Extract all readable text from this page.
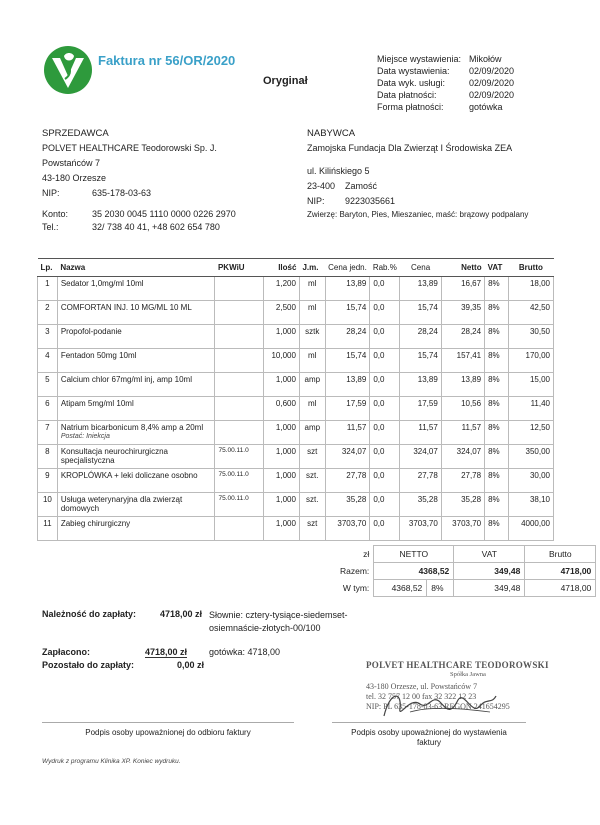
Faktura nr 56/OR/2020
Oryginał
Miejsce wystawienia: Mikołów
Data wystawienia:	02/09/2020
Data wyk. usługi:	02/09/2020
Data płatności:	02/09/2020
Forma płatności:	gotówka
SPRZEDAWCA
POLVET HEALTHCARE Teodorowski Sp. J.
Powstańców 7
43-180 Orzesze
NIP:	635-178-03-63
Konto:	35 2030 0045 1110 0000 0226 2970
Tel.:	32/ 738 40 41, +48 602 654 780
NABYWCA
Zamojska Fundacja Dla Zwierząt I Środowiska ZEA
ul. Kilińskiego 5
23-400 Zamość
NIP: 9223035661
Zwierzę: Baryton, Pies, Mieszaniec, maść: brązowy podpalany
Lp.	Nazwa	PKWiU	Ilość	J.m.	Cena jedn.	Rab.%	Cena	Netto	VAT	Brutto
1	Sedator 1,0mg/ml 10ml		1,200	ml	13,89	0,0	13,89	16,67	8%	18,00
2	COMFORTAN INJ. 10 MG/ML 10 ML		2,500	ml	15,74	0,0	15,74	39,35	8%	42,50
3	Propofol-podanie		1,000	sztk	28,24	0,0	28,24	28,24	8%	30,50
4	Fentadon 50mg 10ml		10,000	ml	15,74	0,0	15,74	157,41	8%	170,00
5	Calcium chlor 67mg/ml inj, amp 10ml		1,000	amp	13,89	0,0	13,89	13,89	8%	15,00
6	Atipam 5mg/ml 10ml		0,600	ml	17,59	0,0	17,59	10,56	8%	11,40
7	Natrium bicarbonicum 8,4% amp a 20ml
Postać: Iniekcja		1,000	amp	11,57	0,0	11,57	11,57	8%	12,50
8	Konsultacja neurochirurgiczna specjalistyczna	75.00.11.0	1,000	szt	324,07	0,0	324,07	324,07	8%	350,00
9	KROPLÓWKA + leki doliczane osobno	75.00.11.0	1,000	szt.	27,78	0,0	27,78	27,78	8%	30,00
10	Usługa weterynaryjna dla zwierząt domowych	75.00.11.0	1,000	szt.	35,28	0,0	35,28	35,28	8%	38,10
11	Zabieg chirurgiczny		1,000	szt	3703,70	0,0	3703,70	3703,70	8%	4000,00
zł	NETTO		VAT	Brutto
Razem:	4368,52		349,48	4718,00
W tym:	4368,52	8%	349,48	4718,00
Należność do zapłaty:	4718,00 zł Słownie: cztery-tysiące-siedemset-
osiemnaście-złotych-00/100
Zapłacono:	4718,00 zł gotówka: 4718,00
Pozostało do zapłaty:	0,00 zł	POLVET HEALTHCARE TEODOROWSKI
Spółka Jawna
43-180 Orzesze, ul. Powstańców 7
tel. 32 757 12 00 fax 32 322 12 23
NIP: PL 635-178-03-63 REGON 241654295
Podpis osoby upoważnionej do odbioru faktury	Podpis osoby upoważnionej do wystawienia
faktury
Wydruk z programu Klinika XP. Koniec wydruku.
